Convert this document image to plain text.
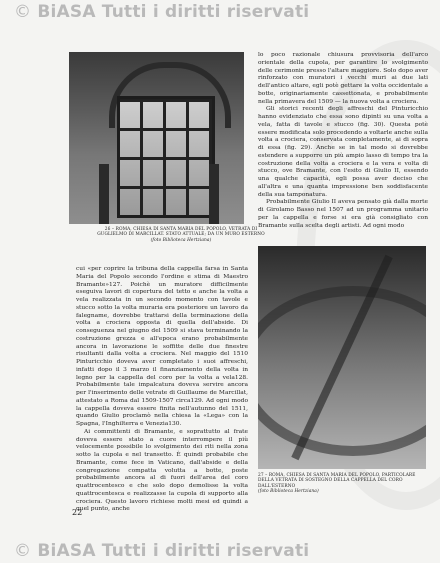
© BiASA Tutti i diritti riservati
26 – ROMA, CHIESA DI SANTA MARIA DEL POPOLO, VETRATA DI GUGLIELMO DI MARCILLAT. STATO ATTUALE; DA UN MURO ESTERNO
(foto Biblioteca Hertziana)

lo poco razionale chiusura provvisoria dell'arco orientale della cupola, per garantire lo svolgimento delle cerimonie presso l'altare maggiore. Solo dopo aver rinforzato con muratori i vecchi muri ai due lati dell'antico altare, egli potè gettare la volta occidentale a botte, originariamente cassettonata, e probabilmente nella primavera del 1509 — la nuova volta a crociera.

Gli storici recenti degli affreschi del Pinturicchio hanno evidenziato che essa sono dipinti su una volta a vela, fatta di tavole e stucco (fig. 30). Questa potè essere modificata solo procedendo a voltarle anche sulla volta a crociera, conservata completamente, ai di sopra di essa (fig. 29). Anche se in tal modo si dovrebbe estendere a supporre un più ampio lasso di tempo tra la costruzione della volta a crociera e la vera e volta di stucco, ove Bramante, con l'esito di Giulio II, essendo una qualche capacità, egli possa aver deciso che all'altra e una quanta impressione ben soddisfacente della sua tamponatura.

Probabilmente Giulio II aveva pensato già dalla morte di Girolamo Basso nel 1507 ad un programma unitario per la cappella e forse si era già consigliato con Bramante sulla scelta degli artisti. Ad ogni modo

27 – ROMA, CHIESA DI SANTA MARIA DEL POPOLO, PARTICOLARE DELLA VETRATA DI SOSTEGNO DELLA CAPPELLA DEL CORO DALL'ESTERNO
(foto Biblioteca Hertziana)

cui «per coprire la tribuna della cappella farsa in Santa Maria del Popolo secondo l'ordine e stima di Maestro Bramante»127. Poichè un muratore difficilmente eseguiva lavori di copertura del tetto e anche la volta a vela realizzata in un secondo momento con tavole e stucco sotto la volta muraria era posteriore un lavoro da falegname, dovrebbe trattarsi della terminazione della volta a crociera opposta di quella dell'abside. Di conseguenza nel giugno del 1509 si stava terminando la costruzione grezza e all'epoca erano probabilmente ancora in lavorazione le soffitte delle due finestre risultanti dalla volta a crociera. Nel maggio del 1510 Pinturicchio doveva aver completato i suoi affreschi, infatti dopo il 3 marzo il finanziamento della volta in legno per la cappella del coro per la volta a vela128. Probabilmente tale impalcatura doveva servire ancora per l'inserimento delle vetrate di Guillaume de Marcillat, attestato a Roma dal 1509-1507 circa129. Ad ogni modo la cappella doveva essere finita nell'autunno del 1511, quando Giulio proclamò nella chiesa la «Lega» con la Spagna, l'Inghilterra e Venezia130.

Ai committenti di Bramante, e soprattutto al frate doveva essere stato a cuore interrompere il più velocemente possibile lo svolgimento dei riti nella zona sotto la cupola e nel transetto. È quindi probabile che Bramante, come fece in Vaticano, dall'abside e della congregazione compatta volutta a botte, poste probabilmente ancora al di fuori dell'area del coro quattrocentesco e che solo dopo demolisse la volta quattrocentesca e realizzasse la cupola di supporto alla crociera. Questo lavoro richiese molti mesi ed quindi a quel punto, anche

22
© BiASA Tutti i diritti riservati
